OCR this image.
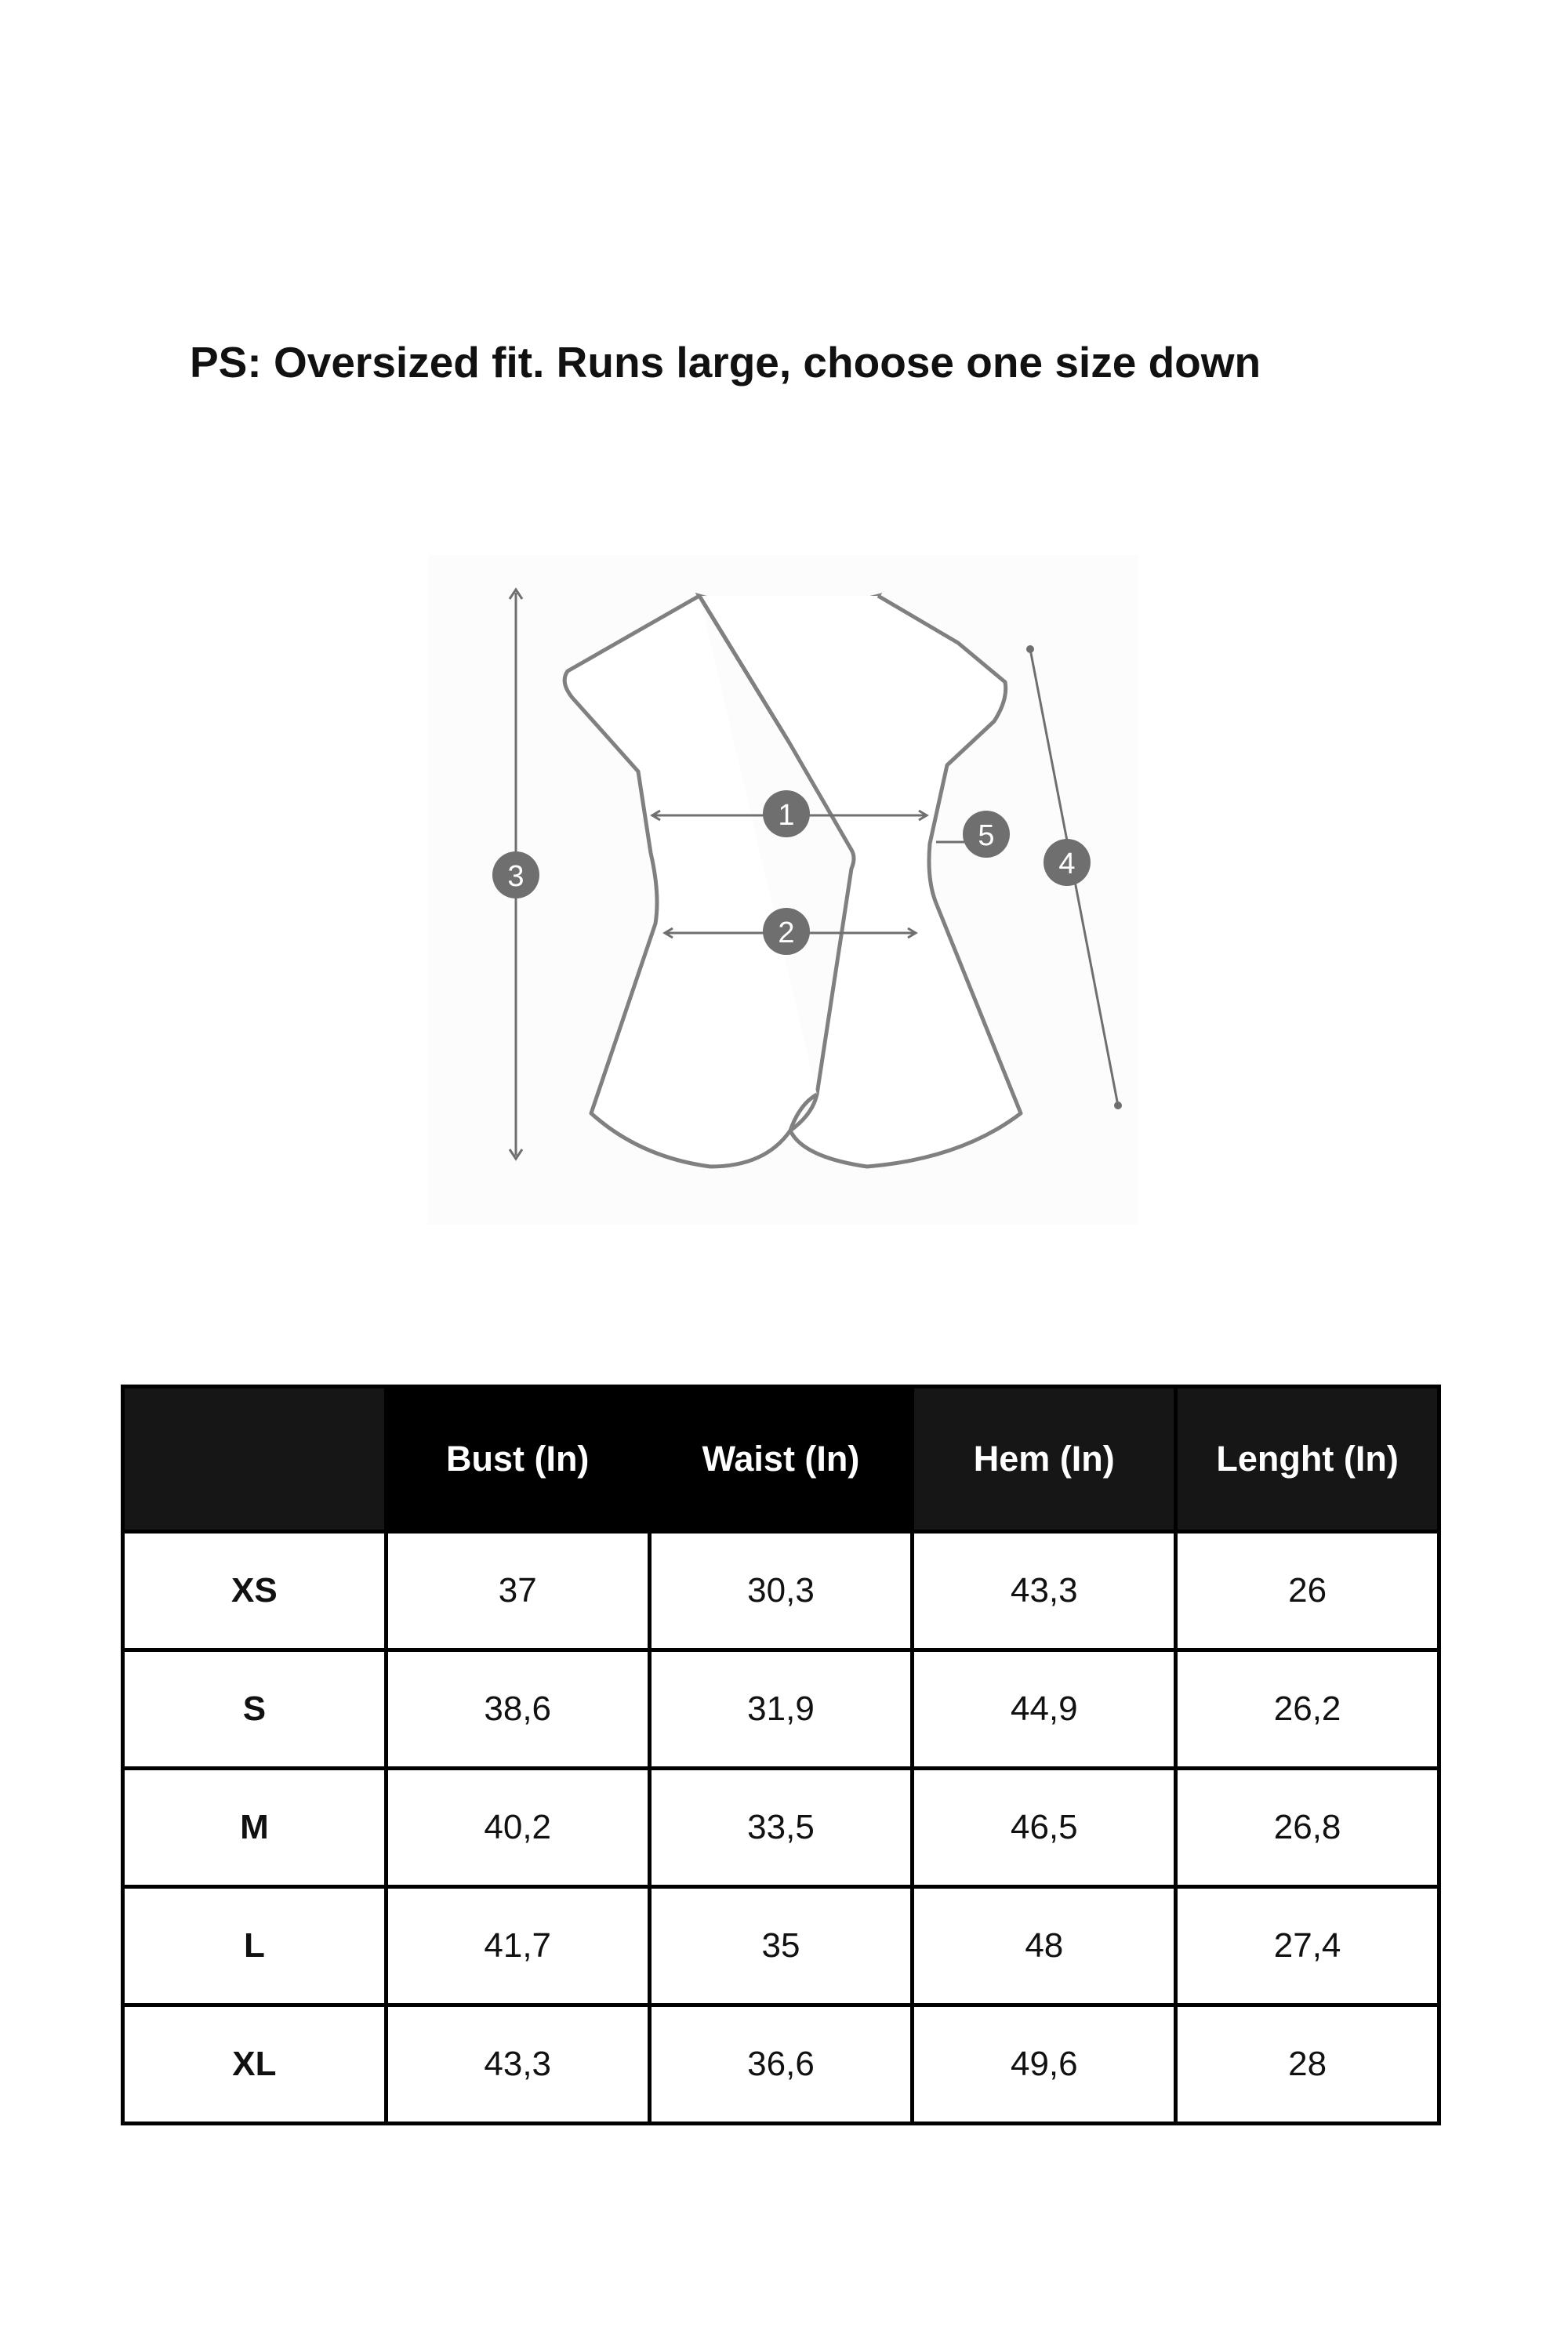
PS: Oversized fit. Runs large, choose one size down
1
2
3	4
5
	Bust (In)	Waist (In)	Hem (In)	Lenght (In)
XS	37	30,3	43,3	26
S	38,6	31,9	44,9	26,2
M	40,2	33,5	46,5	26,8
L	41,7	35	48	27,4
XL	43,3	36,6	49,6	28
